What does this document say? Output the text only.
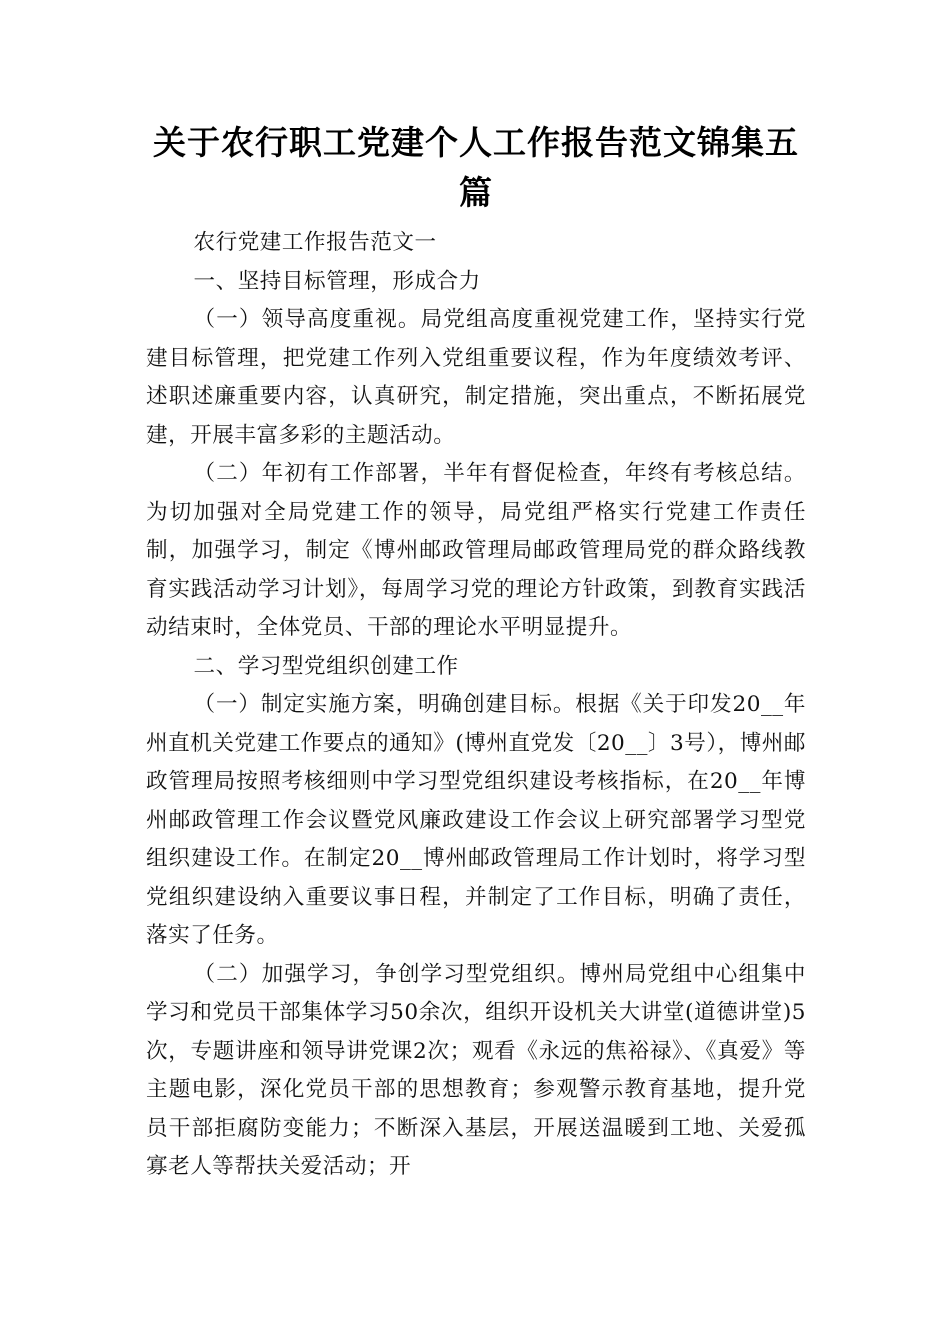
关于农行职工党建个人工作报告范文锦集五篇

农行党建工作报告范文一

一、坚持目标管理，形成合力

（一）领导高度重视。局党组高度重视党建工作，坚持实行党建目标管理，把党建工作列入党组重要议程，作为年度绩效考评、述职述廉重要内容，认真研究，制定措施，突出重点，不断拓展党建，开展丰富多彩的主题活动。

（二）年初有工作部署，半年有督促检查，年终有考核总结。为切加强对全局党建工作的领导，局党组严格实行党建工作责任制，加强学习，制定《博州邮政管理局邮政管理局党的群众路线教育实践活动学习计划》，每周学习党的理论方针政策，到教育实践活动结束时，全体党员、干部的理论水平明显提升。

二、学习型党组织创建工作

（一）制定实施方案，明确创建目标。根据《关于印发20__年州直机关党建工作要点的通知》(博州直党发〔20__〕3号），博州邮政管理局按照考核细则中学习型党组织建设考核指标，在20__年博州邮政管理工作会议暨党风廉政建设工作会议上研究部署学习型党组织建设工作。在制定20__博州邮政管理局工作计划时，将学习型党组织建设纳入重要议事日程，并制定了工作目标，明确了责任，落实了任务。

（二）加强学习，争创学习型党组织。博州局党组中心组集中学习和党员干部集体学习50余次，组织开设机关大讲堂(道德讲堂)5次，专题讲座和领导讲党课2次；观看《永远的焦裕禄》、《真爱》等主题电影，深化党员干部的思想教育；参观警示教育基地，提升党员干部拒腐防变能力；不断深入基层，开展送温暖到工地、关爱孤寡老人等帮扶关爱活动；开
